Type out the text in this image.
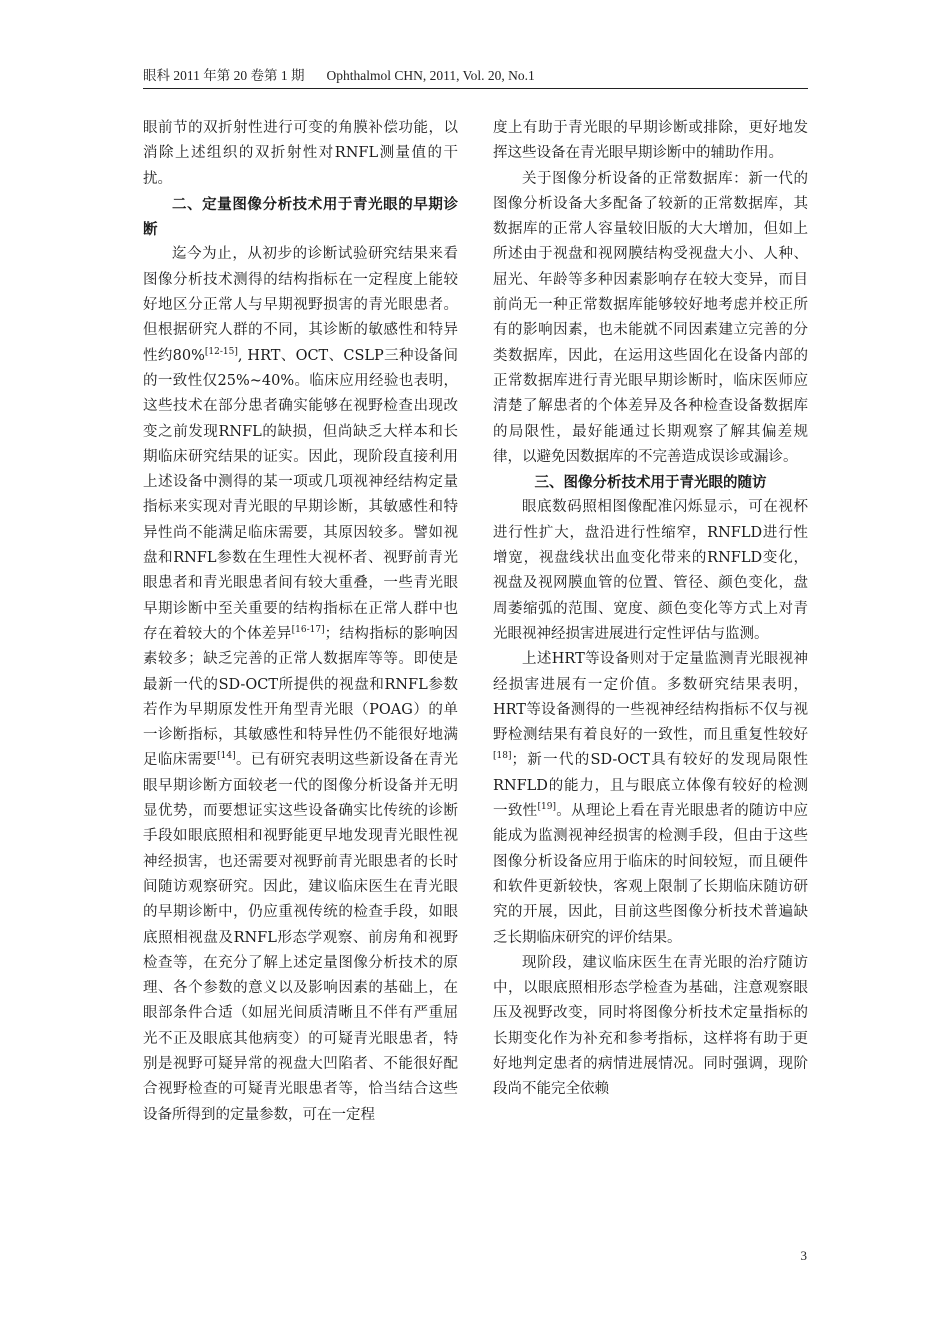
眼科 2011 年第 20 卷第 1 期 Ophthalmol CHN, 2011, Vol. 20, No.1

眼前节的双折射性进行可变的角膜补偿功能，以消除上述组织的双折射性对RNFL测量值的干扰。

二、定量图像分析技术用于青光眼的早期诊断

迄今为止，从初步的诊断试验研究结果来看图像分析技术测得的结构指标在一定程度上能较好地区分正常人与早期视野损害的青光眼患者。但根据研究人群的不同，其诊断的敏感性和特异性约80%[12-15], HRT、OCT、CSLP三种设备间的一致性仅25%~40%。临床应用经验也表明，这些技术在部分患者确实能够在视野检查出现改变之前发现RNFL的缺损，但尚缺乏大样本和长期临床研究结果的证实。因此，现阶段直接利用上述设备中测得的某一项或几项视神经结构定量指标来实现对青光眼的早期诊断，其敏感性和特异性尚不能满足临床需要，其原因较多。譬如视盘和RNFL参数在生理性大视杯者、视野前青光眼患者和青光眼患者间有较大重叠，一些青光眼早期诊断中至关重要的结构指标在正常人群中也存在着较大的个体差异[16-17]；结构指标的影响因素较多；缺乏完善的正常人数据库等等。即使是最新一代的SD-OCT所提供的视盘和RNFL参数若作为早期原发性开角型青光眼（POAG）的单一诊断指标，其敏感性和特异性仍不能很好地满足临床需要[14]。已有研究表明这些新设备在青光眼早期诊断方面较老一代的图像分析设备并无明显优势，而要想证实这些设备确实比传统的诊断手段如眼底照相和视野能更早地发现青光眼性视神经损害，也还需要对视野前青光眼患者的长时间随访观察研究。因此，建议临床医生在青光眼的早期诊断中，仍应重视传统的检查手段，如眼底照相视盘及RNFL形态学观察、前房角和视野检查等，在充分了解上述定量图像分析技术的原理、各个参数的意义以及影响因素的基础上，在眼部条件合适（如屈光间质清晰且不伴有严重屈光不正及眼底其他病变）的可疑青光眼患者，特别是视野可疑异常的视盘大凹陷者、不能很好配合视野检查的可疑青光眼患者等，恰当结合这些设备所得到的定量参数，可在一定程

度上有助于青光眼的早期诊断或排除，更好地发挥这些设备在青光眼早期诊断中的辅助作用。

关于图像分析设备的正常数据库：新一代的图像分析设备大多配备了较新的正常数据库，其数据库的正常人容量较旧版的大大增加，但如上所述由于视盘和视网膜结构受视盘大小、人种、屈光、年龄等多种因素影响存在较大变异，而目前尚无一种正常数据库能够较好地考虑并校正所有的影响因素，也未能就不同因素建立完善的分类数据库，因此，在运用这些固化在设备内部的正常数据库进行青光眼早期诊断时，临床医师应清楚了解患者的个体差异及各种检查设备数据库的局限性，最好能通过长期观察了解其偏差规律，以避免因数据库的不完善造成误诊或漏诊。

三、图像分析技术用于青光眼的随访

眼底数码照相图像配准闪烁显示，可在视杯进行性扩大，盘沿进行性缩窄，RNFLD进行性增宽，视盘线状出血变化带来的RNFLD变化，视盘及视网膜血管的位置、管径、颜色变化，盘周萎缩弧的范围、宽度、颜色变化等方式上对青光眼视神经损害进展进行定性评估与监测。

上述HRT等设备则对于定量监测青光眼视神经损害进展有一定价值。多数研究结果表明，HRT等设备测得的一些视神经结构指标不仅与视野检测结果有着良好的一致性，而且重复性较好[18]；新一代的SD-OCT具有较好的发现局限性RNFLD的能力，且与眼底立体像有较好的检测一致性[19]。从理论上看在青光眼患者的随访中应能成为监测视神经损害的检测手段，但由于这些图像分析设备应用于临床的时间较短，而且硬件和软件更新较快，客观上限制了长期临床随访研究的开展，因此，目前这些图像分析技术普遍缺乏长期临床研究的评价结果。

现阶段，建议临床医生在青光眼的治疗随访中，以眼底照相形态学检查为基础，注意观察眼压及视野改变，同时将图像分析技术定量指标的长期变化作为补充和参考指标，这样将有助于更好地判定患者的病情进展情况。同时强调，现阶段尚不能完全依赖

3
